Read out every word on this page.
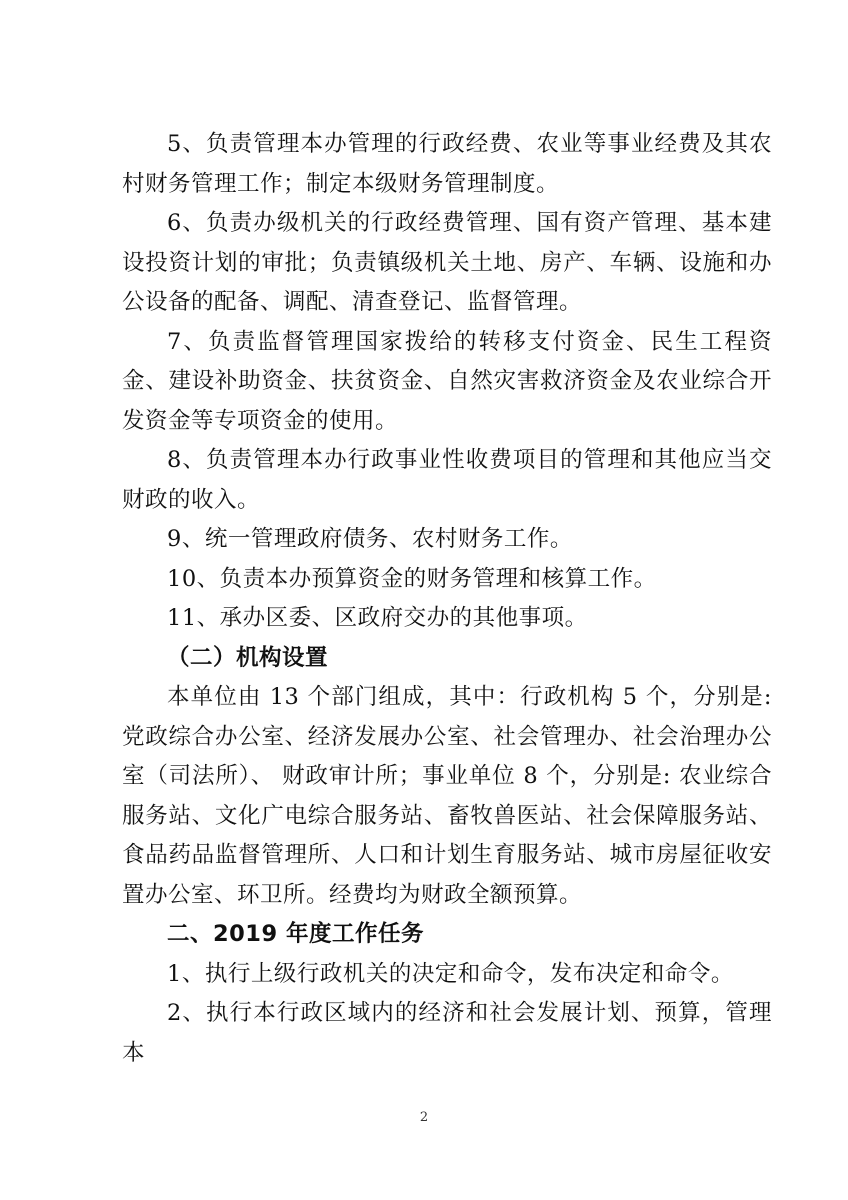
5、负责管理本办管理的行政经费、农业等事业经费及其农村财务管理工作；制定本级财务管理制度。

6、负责办级机关的行政经费管理、国有资产管理、基本建设投资计划的审批；负责镇级机关土地、房产、车辆、设施和办公设备的配备、调配、清查登记、监督管理。

7、负责监督管理国家拨给的转移支付资金、民生工程资金、建设补助资金、扶贫资金、自然灾害救济资金及农业综合开发资金等专项资金的使用。

8、负责管理本办行政事业性收费项目的管理和其他应当交财政的收入。

9、统一管理政府债务、农村财务工作。

10、负责本办预算资金的财务管理和核算工作。

11、承办区委、区政府交办的其他事项。

（二）机构设置

本单位由 13 个部门组成，其中：行政机构 5 个，分别是:党政综合办公室、经济发展办公室、社会管理办、社会治理办公室（司法所）、 财政审计所；事业单位 8 个，分别是: 农业综合服务站、文化广电综合服务站、畜牧兽医站、社会保障服务站、食品药品监督管理所、人口和计划生育服务站、城市房屋征收安置办公室、环卫所。经费均为财政全额预算。

二、2019 年度工作任务

1、执行上级行政机关的决定和命令，发布决定和命令。

2、执行本行政区域内的经济和社会发展计划、预算，管理本

2
